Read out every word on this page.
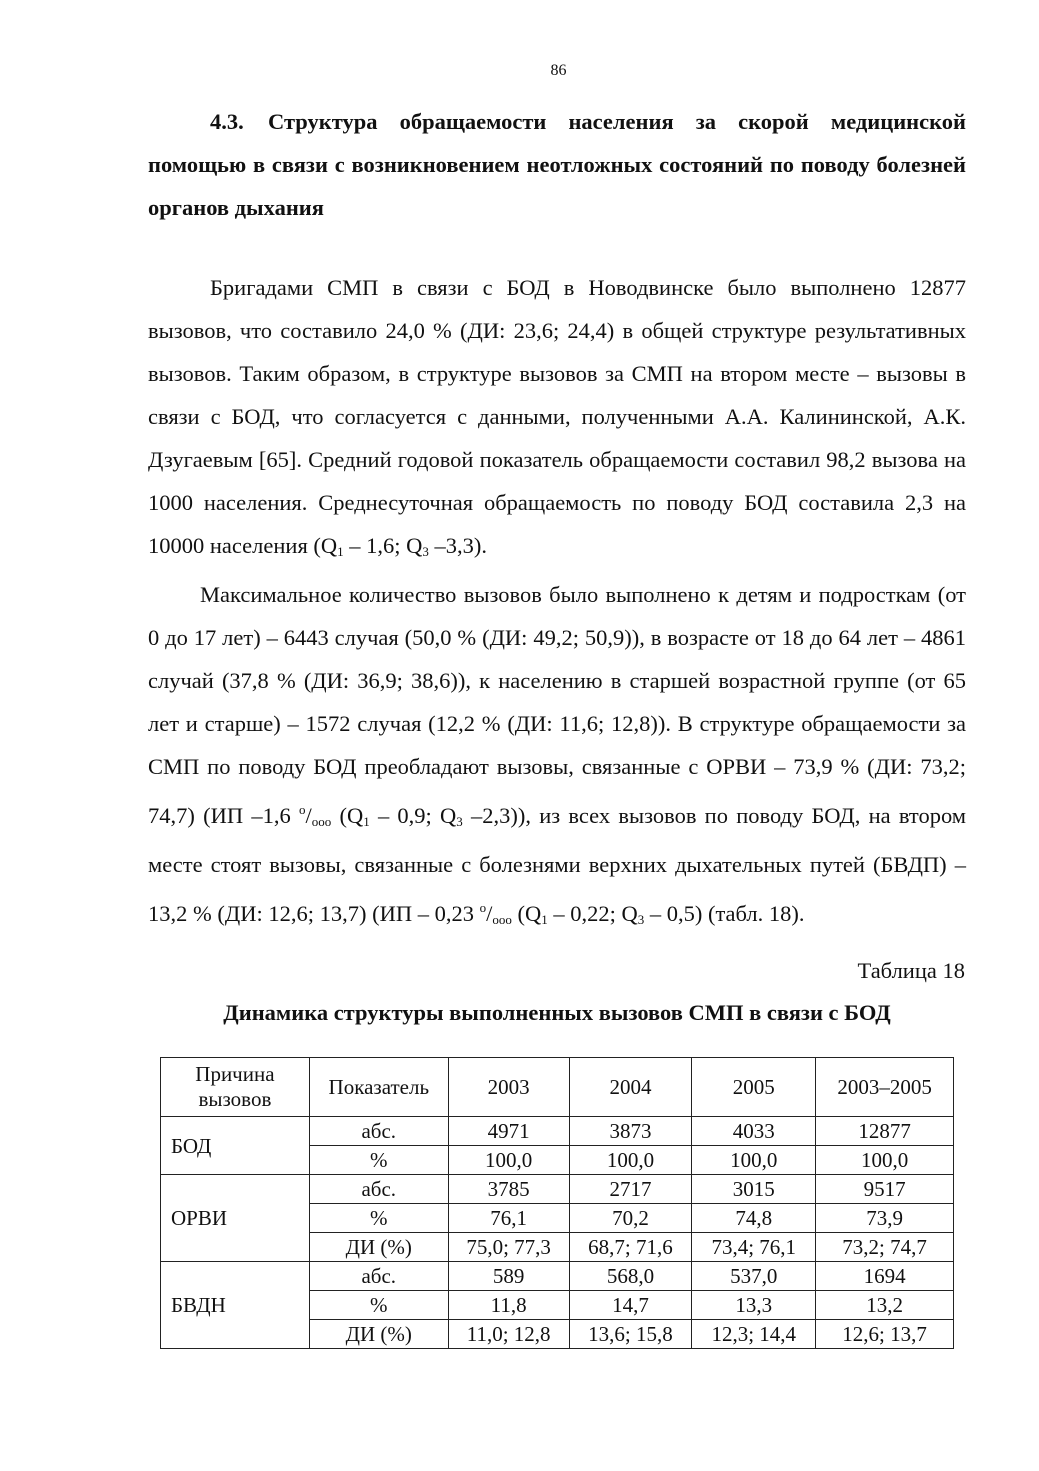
86
4.3. Структура обращаемости населения за скорой медицинской помощью в связи с возникновением неотложных состояний по поводу болезней органов дыхания

Бригадами СМП в связи с БОД в Новодвинске было выполнено 12877 вызовов, что составило 24,0 % (ДИ: 23,6; 24,4) в общей структуре результативных вызовов. Таким образом, в структуре вызовов за СМП на втором месте – вызовы в связи с БОД, что согласуется с данными, полученными А.А. Калининской, А.К. Дзугаевым [65]. Средний годовой показатель обращаемости составил 98,2 вызова на 1000 населения. Среднесуточная обращаемость по поводу БОД составила 2,3 на 10000 населения ($Q_1 - 1,6$; $Q_3$ –3,3).

Максимальное количество вызовов было выполнено к детям и подросткам (от 0 до 17 лет) – 6443 случая (50,0 % (ДИ: 49,2; 50,9)), в возрасте от 18 до 64 лет – 4861 случай (37,8 % (ДИ: 36,9; 38,6)), к населению в старшей возрастной группе (от 65 лет и старше) – 1572 случая (12,2 % (ДИ: 11,6; 12,8)). В структуре обращаемости за СМП по поводу БОД преобладают вызовы, связанные с ОРВИ – 73,9 % (ДИ: 73,2; 74,7) (ИП –1,6 $^о/_{ооо}$ ($Q_1 - 0,9$; $Q_3$ –2,3)), из всех вызовов по поводу БОД, на втором месте стоят вызовы, связанные с болезнями верхних дыхательных путей (БВДП) – 13,2 % (ДИ: 12,6; 13,7) (ИП – 0,23 $^о/_{ооо}$ ($Q_1 - 0,22$; $Q_3 - 0,5$) (табл. 18).

Таблица 18
Динамика структуры выполненных вызовов СМП в связи с БОД
Причина вызовов	Показатель	2003	2004	2005	2003–2005
БОД	абс.	4971	3873	4033	12877
	%	100,0	100,0	100,0	100,0
ОРВИ	абс.	3785	2717	3015	9517
	%	76,1	70,2	74,8	73,9
	ДИ (%)	75,0; 77,3	68,7; 71,6	73,4; 76,1	73,2; 74,7
БВДН	абс.	589	568,0	537,0	1694
	%	11,8	14,7	13,3	13,2
	ДИ (%)	11,0; 12,8	13,6; 15,8	12,3; 14,4	12,6; 13,7
